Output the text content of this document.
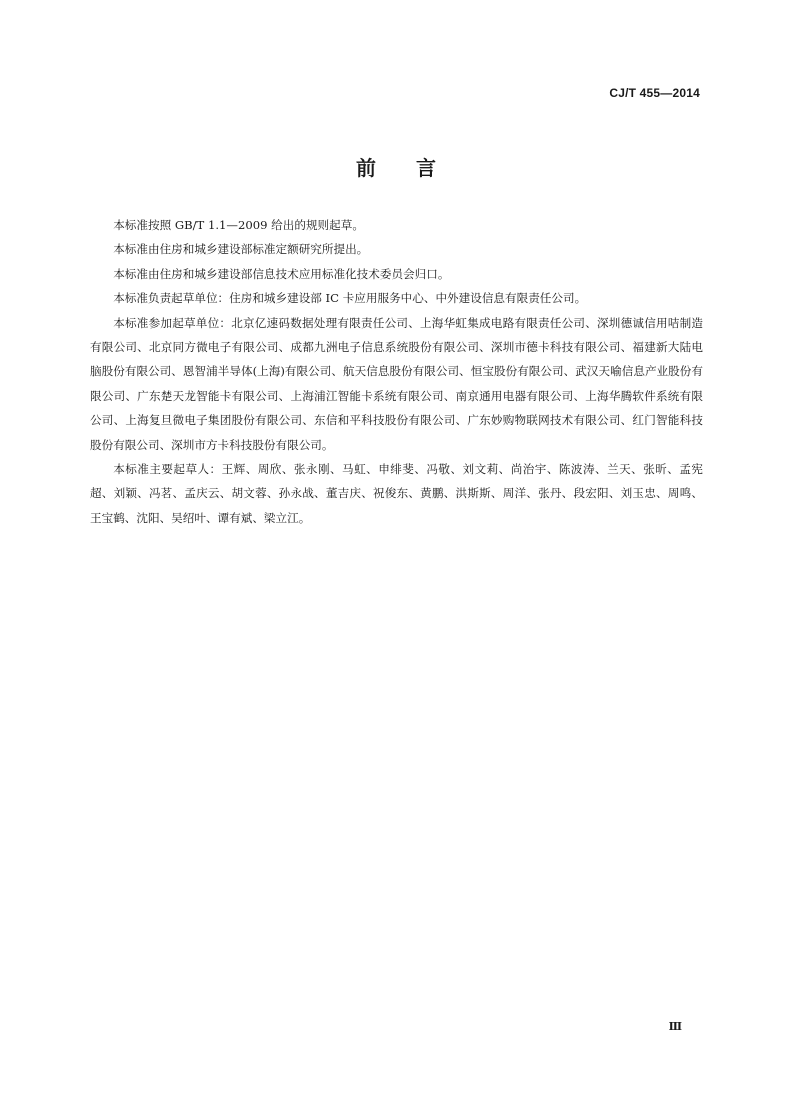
CJ/T 455—2014
前言

本标准按照 GB/T 1.1—2009 给出的规则起草。

本标准由住房和城乡建设部标准定额研究所提出。

本标准由住房和城乡建设部信息技术应用标准化技术委员会归口。

本标准负责起草单位：住房和城乡建设部 IC 卡应用服务中心、中外建设信息有限责任公司。

本标准参加起草单位：北京亿速码数据处理有限责任公司、上海华虹集成电路有限责任公司、深圳德诚信用咭制造有限公司、北京同方微电子有限公司、成都九洲电子信息系统股份有限公司、深圳市德卡科技有限公司、福建新大陆电脑股份有限公司、恩智浦半导体(上海)有限公司、航天信息股份有限公司、恒宝股份有限公司、武汉天喻信息产业股份有限公司、广东楚天龙智能卡有限公司、上海浦江智能卡系统有限公司、南京通用电器有限公司、上海华腾软件系统有限公司、上海复旦微电子集团股份有限公司、东信和平科技股份有限公司、广东妙购物联网技术有限公司、红门智能科技股份有限公司、深圳市方卡科技股份有限公司。

本标准主要起草人：王辉、周欣、张永刚、马虹、申绯斐、冯敬、刘文莉、尚治宇、陈波涛、兰天、张昕、孟宪超、刘颖、冯茗、孟庆云、胡文蓉、孙永战、董吉庆、祝俊东、黄鹏、洪斯斯、周洋、张丹、段宏阳、刘玉忠、周鸣、王宝鹤、沈阳、吴绍叶、谭有斌、梁立江。

Ⅲ
